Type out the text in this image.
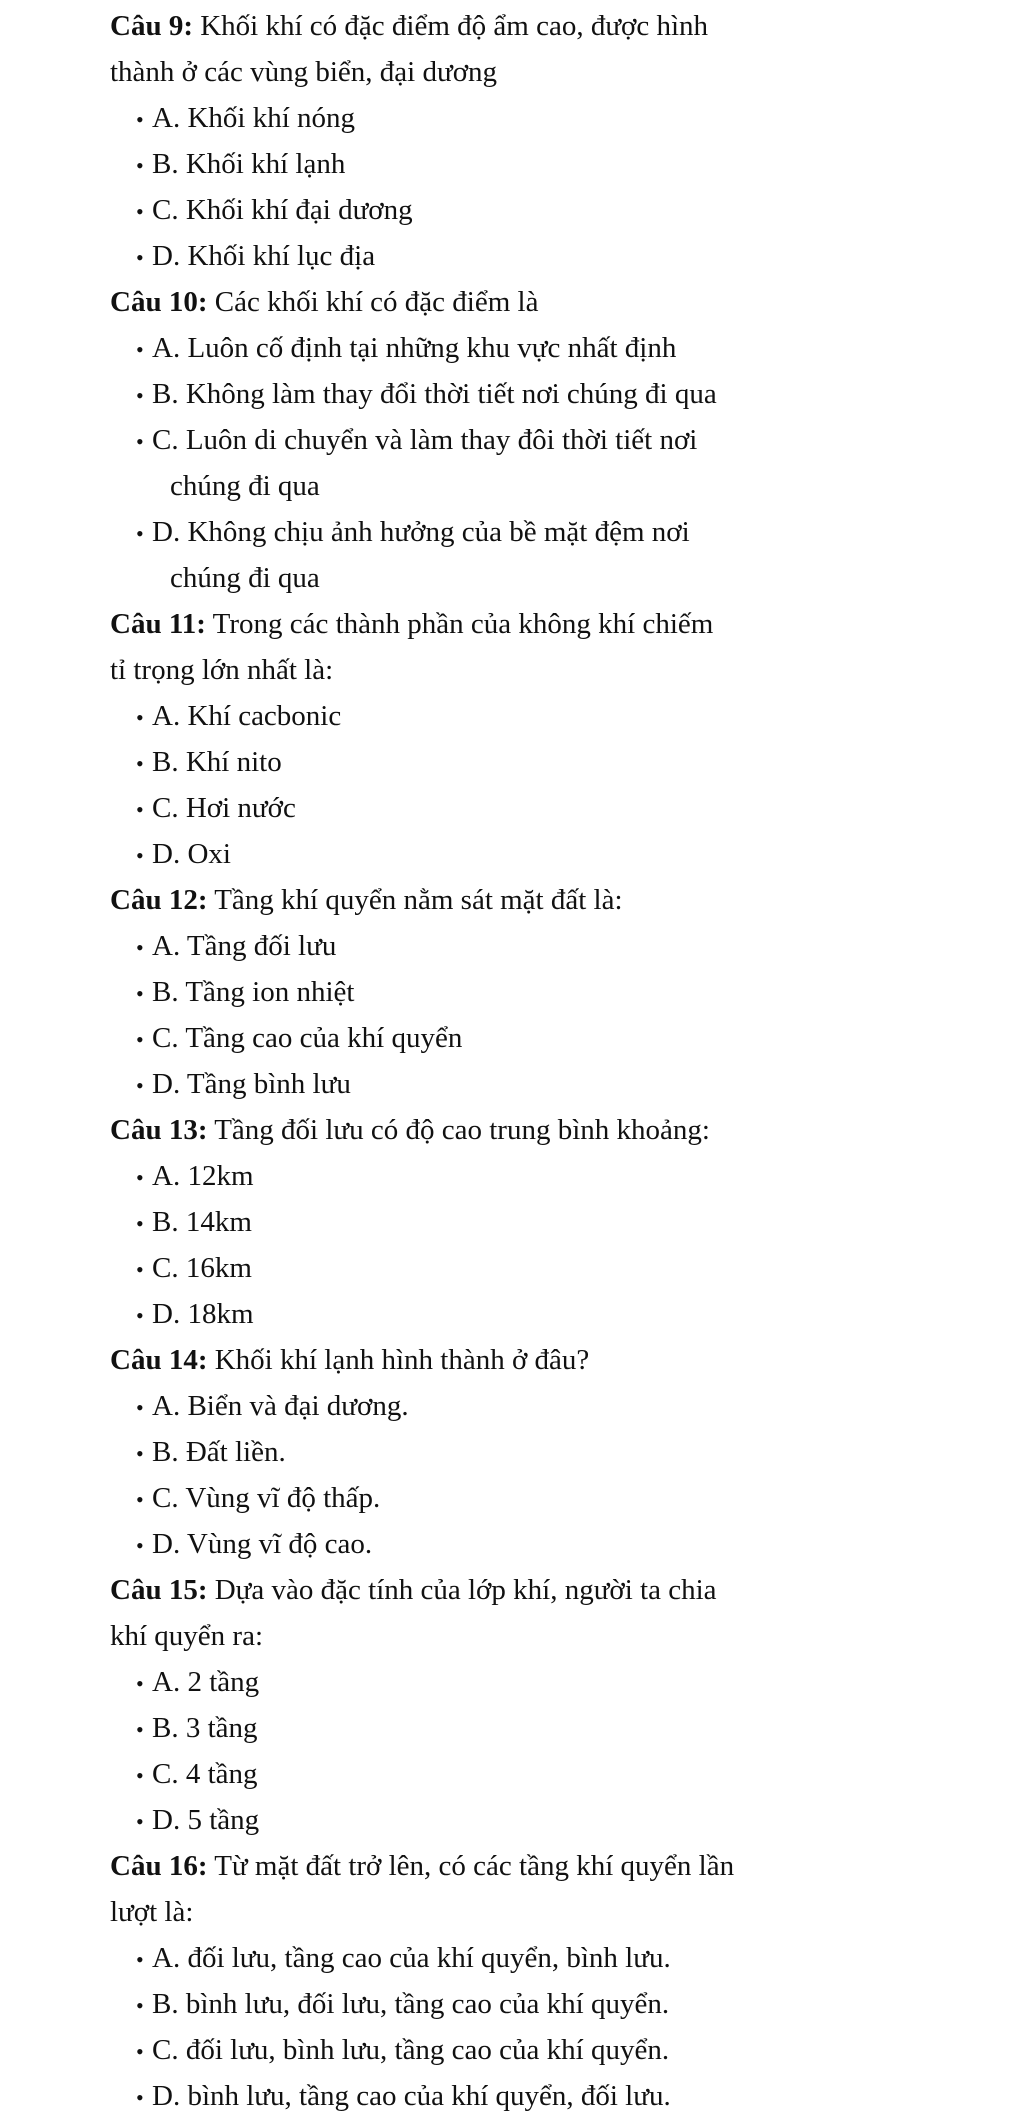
Câu 9: Khối khí có đặc điểm độ ẩm cao, được hình
thành ở các vùng biển, đại dương
• A. Khối khí nóng
• B. Khối khí lạnh
• C. Khối khí đại dương
• D. Khối khí lục địa
Câu 10: Các khối khí có đặc điểm là
• A. Luôn cố định tại những khu vực nhất định
• B. Không làm thay đổi thời tiết nơi chúng đi qua
• C. Luôn di chuyển và làm thay đôi thời tiết nơi
chúng đi qua
• D. Không chịu ảnh hưởng của bề mặt đệm nơi
chúng đi qua
Câu 11: Trong các thành phần của không khí chiếm
tỉ trọng lớn nhất là:
• A. Khí cacbonic
• B. Khí nito
• C. Hơi nước
• D. Oxi
Câu 12: Tầng khí quyển nằm sát mặt đất là:
• A. Tầng đối lưu
• B. Tầng ion nhiệt
• C. Tầng cao của khí quyển
• D. Tầng bình lưu
Câu 13: Tầng đối lưu có độ cao trung bình khoảng:
• A. 12km
• B. 14km
• C. 16km
• D. 18km
Câu 14: Khối khí lạnh hình thành ở đâu?
• A. Biển và đại dương.
• B. Đất liền.
• C. Vùng vĩ độ thấp.
• D. Vùng vĩ độ cao.
Câu 15: Dựa vào đặc tính của lớp khí, người ta chia
khí quyển ra:
• A. 2 tầng
• B. 3 tầng
• C. 4 tầng
• D. 5 tầng
Câu 16: Từ mặt đất trở lên, có các tầng khí quyển lần
lượt là:
• A. đối lưu, tầng cao của khí quyển, bình lưu.
• B. bình lưu, đối lưu, tầng cao của khí quyển.
• C. đối lưu, bình lưu, tầng cao của khí quyển.
• D. bình lưu, tầng cao của khí quyển, đối lưu.
